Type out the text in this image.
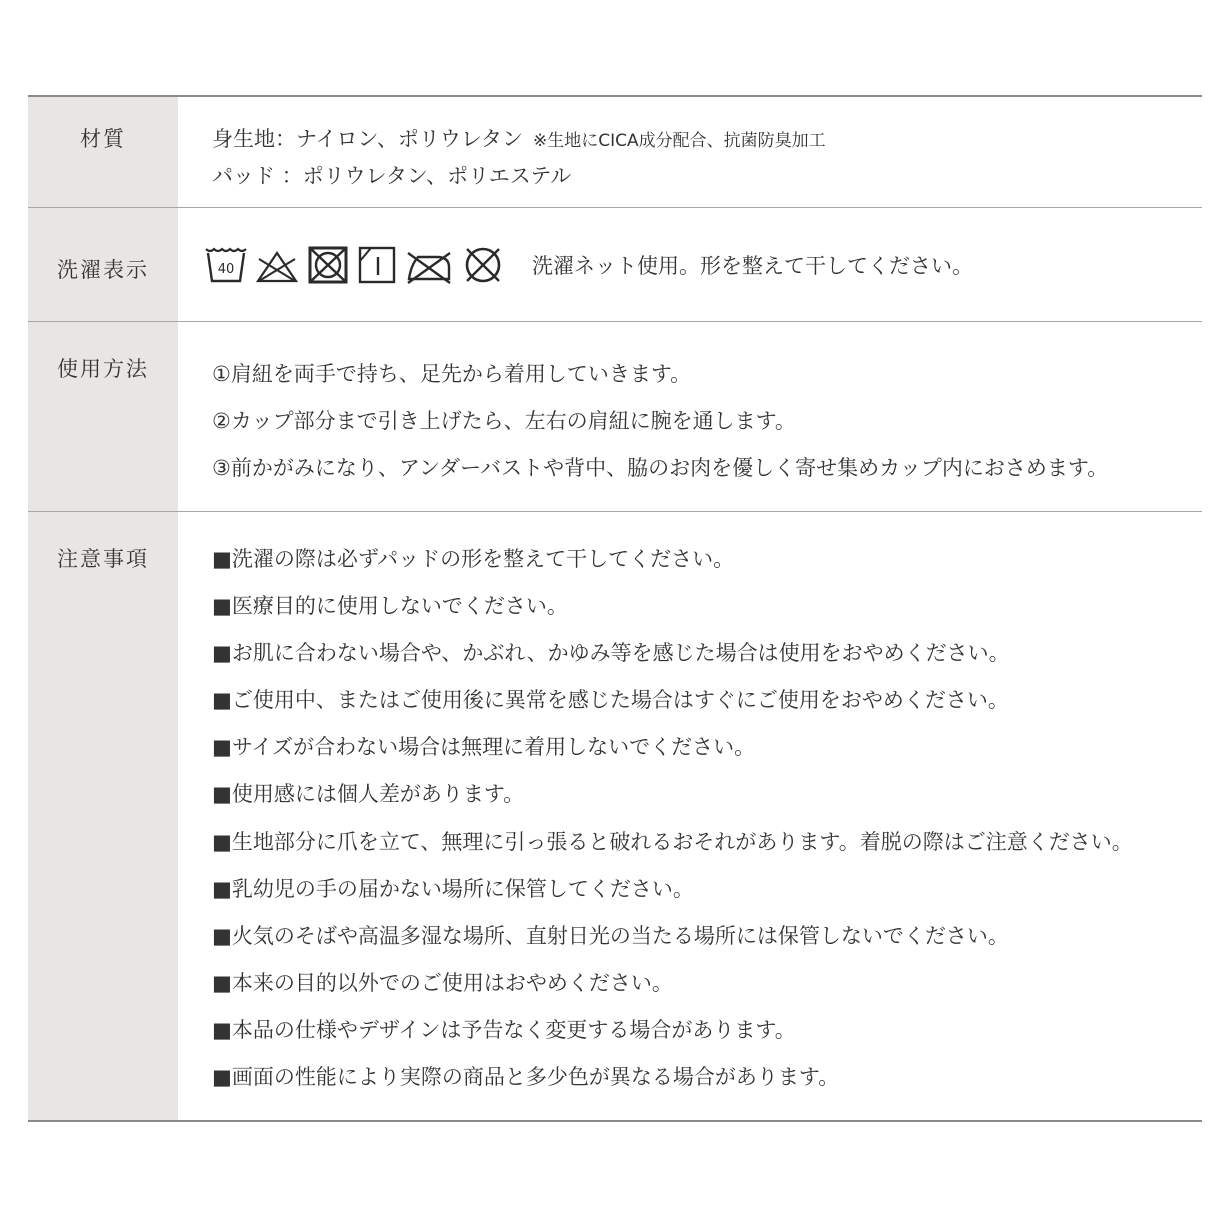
材質	身生地：ナイロン、ポリウレタン ※生地にCICA成分配合、抗菌防臭加工
パッド ：ポリウレタン、ポリエステル
洗濯表示	40	洗濯ネット使用。形を整えて干してください。
使用方法	①肩紐を両手で持ち、足先から着用していきます。
②カップ部分まで引き上げたら、左右の肩紐に腕を通します。
③前かがみになり、アンダーバストや背中、脇のお肉を優しく寄せ集めカップ内におさめます。
注意事項	■洗濯の際は必ずパッドの形を整えて干してください。
■医療目的に使用しないでください。
■お肌に合わない場合や、かぶれ、かゆみ等を感じた場合は使用をおやめください。
■ご使用中、またはご使用後に異常を感じた場合はすぐにご使用をおやめください。
■サイズが合わない場合は無理に着用しないでください。
■使用感には個人差があります。
■生地部分に爪を立て、無理に引っ張ると破れるおそれがあります。着脱の際はご注意ください。
■乳幼児の手の届かない場所に保管してください。
■火気のそばや高温多湿な場所、直射日光の当たる場所には保管しないでください。
■本来の目的以外でのご使用はおやめください。
■本品の仕様やデザインは予告なく変更する場合があります。
■画面の性能により実際の商品と多少色が異なる場合があります。
